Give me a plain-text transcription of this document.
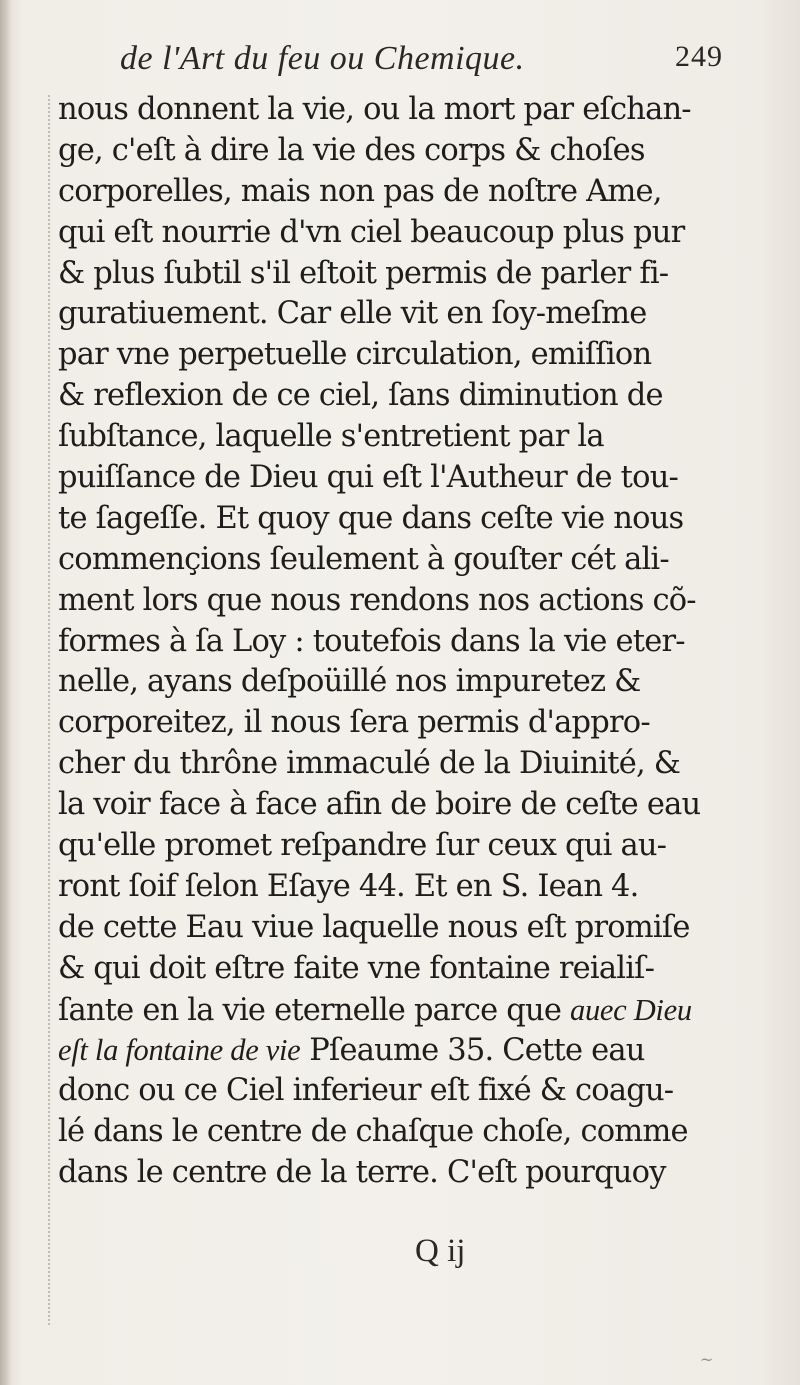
de l'Art du feu ou Chemique.	249
nous donnent la vie, ou la mort par eſchan‑
ge, c'eſt à dire la vie des corps & choſes
corporelles, mais non pas de noſtre Ame,
qui eſt nourrie d'vn ciel beaucoup plus pur
& plus ſubtil s'il eſtoit permis de parler fi-
guratiuement. Car elle vit en ſoy-meſme
par vne perpetuelle circulation, emiſſion
& reflexion de ce ciel, ſans diminution de
ſubſtance, laquelle s'entretient par la
puiſſance de Dieu qui eſt l'Autheur de tou-
te ſageſſe. Et quoy que dans ceſte vie nous
commençions ſeulement à gouſter cét ali-
ment lors que nous rendons nos actions cõ-
formes à ſa Loy : toutefois dans la vie eter-
nelle, ayans deſpoüillé nos impuretez &
corporeitez, il nous ſera permis d'appro-
cher du thrône immaculé de la Diuinité, &
la voir face à face afin de boire de ceſte eau
qu'elle promet reſpandre ſur ceux qui au-
ront ſoif ſelon Eſaye 44. Et en S. Iean 4.
de cette Eau viue laquelle nous eſt promiſe
& qui doit eſtre faite vne fontaine reialiſ-
ſante en la vie eternelle parce que auec Dieu
eſt la fontaine de vie Pſeaume 35. Cette eau
donc ou ce Ciel inferieur eſt fixé & coagu-
lé dans le centre de chaſque choſe, comme
dans le centre de la terre. C'eſt pourquoy
Q ij
~
